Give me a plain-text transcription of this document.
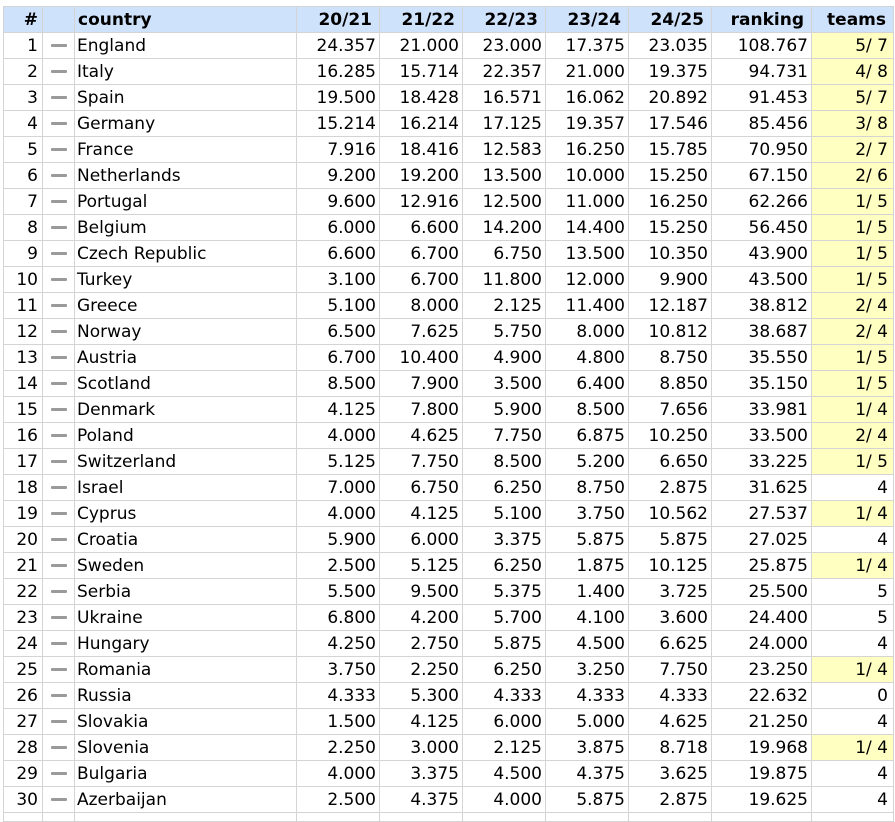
#		country	20/21	21/22	22/23	23/24	24/25	ranking	teams
1		England	24.357	21.000	23.000	17.375	23.035	108.767	5/ 7
2		Italy	16.285	15.714	22.357	21.000	19.375	94.731	4/ 8
3		Spain	19.500	18.428	16.571	16.062	20.892	91.453	5/ 7
4		Germany	15.214	16.214	17.125	19.357	17.546	85.456	3/ 8
5		France	7.916	18.416	12.583	16.250	15.785	70.950	2/ 7
6		Netherlands	9.200	19.200	13.500	10.000	15.250	67.150	2/ 6
7		Portugal	9.600	12.916	12.500	11.000	16.250	62.266	1/ 5
8		Belgium	6.000	6.600	14.200	14.400	15.250	56.450	1/ 5
9		Czech Republic	6.600	6.700	6.750	13.500	10.350	43.900	1/ 5
10		Turkey	3.100	6.700	11.800	12.000	9.900	43.500	1/ 5
11		Greece	5.100	8.000	2.125	11.400	12.187	38.812	2/ 4
12		Norway	6.500	7.625	5.750	8.000	10.812	38.687	2/ 4
13		Austria	6.700	10.400	4.900	4.800	8.750	35.550	1/ 5
14		Scotland	8.500	7.900	3.500	6.400	8.850	35.150	1/ 5
15		Denmark	4.125	7.800	5.900	8.500	7.656	33.981	1/ 4
16		Poland	4.000	4.625	7.750	6.875	10.250	33.500	2/ 4
17		Switzerland	5.125	7.750	8.500	5.200	6.650	33.225	1/ 5
18		Israel	7.000	6.750	6.250	8.750	2.875	31.625	4
19		Cyprus	4.000	4.125	5.100	3.750	10.562	27.537	1/ 4
20		Croatia	5.900	6.000	3.375	5.875	5.875	27.025	4
21		Sweden	2.500	5.125	6.250	1.875	10.125	25.875	1/ 4
22		Serbia	5.500	9.500	5.375	1.400	3.725	25.500	5
23		Ukraine	6.800	4.200	5.700	4.100	3.600	24.400	5
24		Hungary	4.250	2.750	5.875	4.500	6.625	24.000	4
25		Romania	3.750	2.250	6.250	3.250	7.750	23.250	1/ 4
26		Russia	4.333	5.300	4.333	4.333	4.333	22.632	0
27		Slovakia	1.500	4.125	6.000	5.000	4.625	21.250	4
28		Slovenia	2.250	3.000	2.125	3.875	8.718	19.968	1/ 4
29		Bulgaria	4.000	3.375	4.500	4.375	3.625	19.875	4
30		Azerbaijan	2.500	4.375	4.000	5.875	2.875	19.625	4
